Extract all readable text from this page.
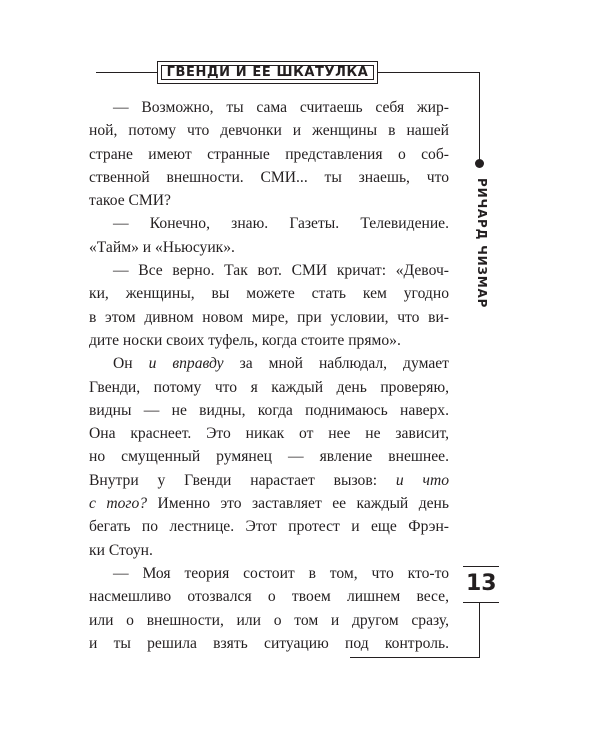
ГВЕНДИ И ЕЕ ШКАТУЛКА
РИЧАРД ЧИЗМАР
13
— Возможно, ты сама считаешь себя жир-
ной, потому что девчонки и женщины в нашей
стране имеют странные представления о соб-
ственной внешности. СМИ... ты знаешь, что
такое СМИ?
— Конечно, знаю. Газеты. Телевидение.
«Тайм» и «Ньюсуик».
— Все верно. Так вот. СМИ кричат: «Девоч-
ки, женщины, вы можете стать кем угодно
в этом дивном новом мире, при условии, что ви-
дите носки своих туфель, когда стоите прямо».
Он и вправду за мной наблюдал, думает
Гвенди, потому что я каждый день проверяю,
видны — не видны, когда поднимаюсь наверх.
Она краснеет. Это никак от нее не зависит,
но смущенный румянец — явление внешнее.
Внутри у Гвенди нарастает вызов: и что
с того? Именно это заставляет ее каждый день
бегать по лестнице. Этот протест и еще Фрэн-
ки Стоун.
— Моя теория состоит в том, что кто-то
насмешливо отозвался о твоем лишнем весе,
или о внешности, или о том и другом сразу,
и ты решила взять ситуацию под контроль.
